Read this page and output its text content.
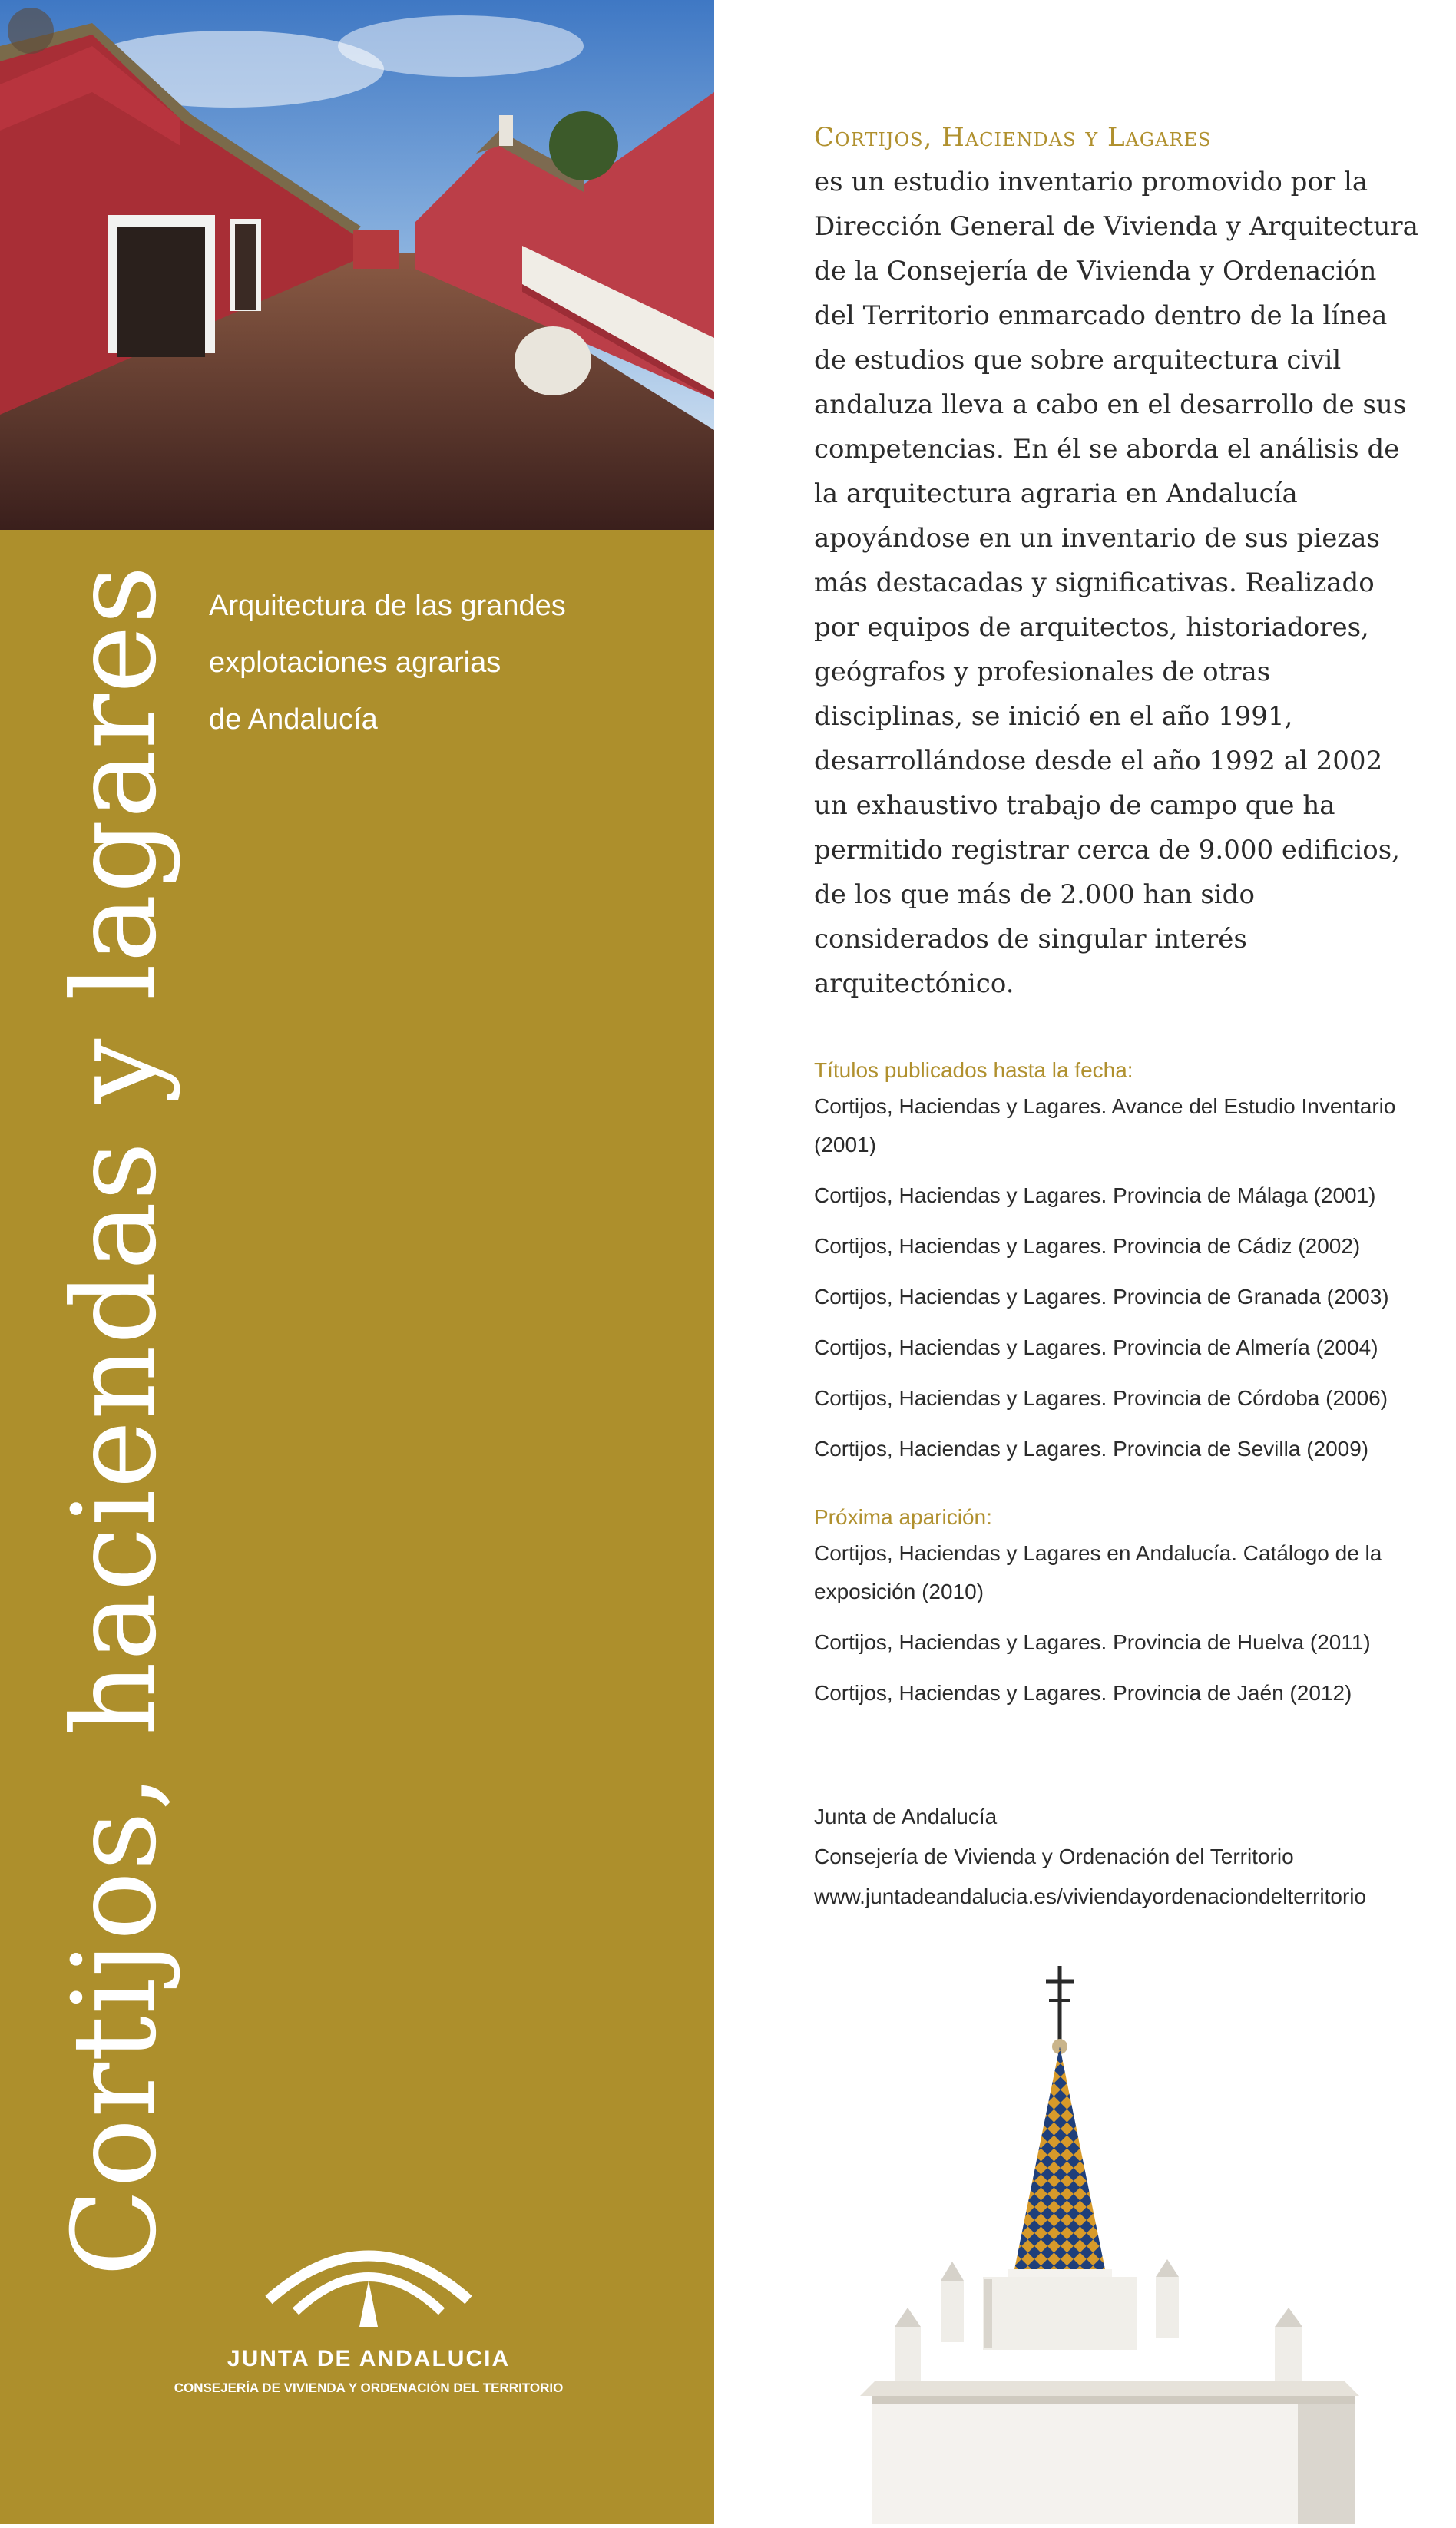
Cortijos, haciendas y lagares Arquitectura de las grandes
explotaciones agrarias
de Andalucía
JUNTA DE ANDALUCIA
CONSEJERÍA DE VIVIENDA Y ORDENACIÓN DEL TERRITORIO
Cortijos, Haciendas y Lagares
es un estudio inventario promovido por la Dirección General de Vivienda y Arquitectura de la Consejería de Vivienda y Ordenación del Territorio enmarcado dentro de la línea de estudios que sobre arquitectura civil andaluza lleva a cabo en el desarrollo de sus competencias. En él se aborda el análisis de la arquitectura agraria en Andalucía apoyándose en un inventario de sus piezas más destacadas y significativas. Realizado por equipos de arquitectos, historiadores, geógrafos y profesionales de otras disciplinas, se inició en el año 1991, desarrollándose desde el año 1992 al 2002 un exhaustivo trabajo de campo que ha permitido registrar cerca de 9.000 edificios, de los que más de 2.000 han sido considerados de singular interés arquitectónico.
Títulos publicados hasta la fecha:
Cortijos, Haciendas y Lagares. Avance del Estudio Inventario (2001)
Cortijos, Haciendas y Lagares. Provincia de Málaga (2001)
Cortijos, Haciendas y Lagares. Provincia de Cádiz (2002)
Cortijos, Haciendas y Lagares. Provincia de Granada (2003)
Cortijos, Haciendas y Lagares. Provincia de Almería (2004)
Cortijos, Haciendas y Lagares. Provincia de Córdoba (2006)
Cortijos, Haciendas y Lagares. Provincia de Sevilla (2009)
Próxima aparición:
Cortijos, Haciendas y Lagares en Andalucía. Catálogo de la exposición (2010)
Cortijos, Haciendas y Lagares. Provincia de Huelva (2011)
Cortijos, Haciendas y Lagares. Provincia de Jaén (2012)
Junta de Andalucía
Consejería de Vivienda y Ordenación del Territorio
www.juntadeandalucia.es/viviendayordenaciondelterritorio
